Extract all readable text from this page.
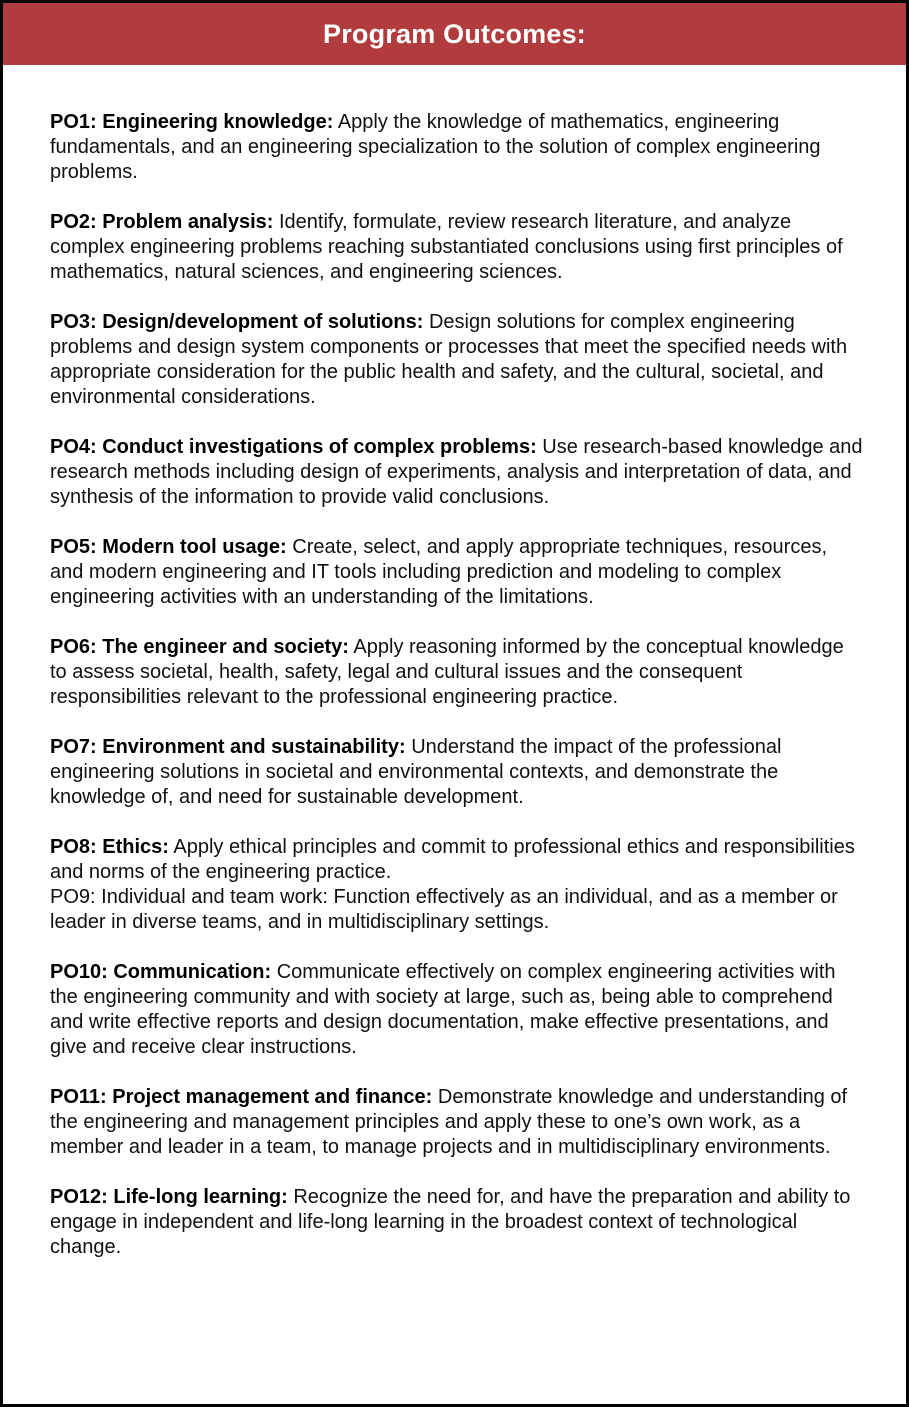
Program Outcomes:
PO1: Engineering knowledge: Apply the knowledge of mathematics, engineering fundamentals, and an engineering specialization to the solution of complex engineering problems.
PO2: Problem analysis: Identify, formulate, review research literature, and analyze complex engineering problems reaching substantiated conclusions using first principles of mathematics, natural sciences, and engineering sciences.
PO3: Design/development of solutions: Design solutions for complex engineering problems and design system components or processes that meet the specified needs with appropriate consideration for the public health and safety, and the cultural, societal, and environmental considerations.
PO4: Conduct investigations of complex problems: Use research-based knowledge and research methods including design of experiments, analysis and interpretation of data, and synthesis of the information to provide valid conclusions.
PO5: Modern tool usage: Create, select, and apply appropriate techniques, resources, and modern engineering and IT tools including prediction and modeling to complex engineering activities with an understanding of the limitations.
PO6: The engineer and society: Apply reasoning informed by the conceptual knowledge to assess societal, health, safety, legal and cultural issues and the consequent responsibilities relevant to the professional engineering practice.
PO7: Environment and sustainability: Understand the impact of the professional engineering solutions in societal and environmental contexts, and demonstrate the knowledge of, and need for sustainable development.
PO8: Ethics: Apply ethical principles and commit to professional ethics and responsibilities and norms of the engineering practice.
PO9: Individual and team work: Function effectively as an individual, and as a member or leader in diverse teams, and in multidisciplinary settings.
PO10: Communication: Communicate effectively on complex engineering activities with the engineering community and with society at large, such as, being able to comprehend and write effective reports and design documentation, make effective presentations, and give and receive clear instructions.
PO11: Project management and finance: Demonstrate knowledge and understanding of the engineering and management principles and apply these to one’s own work, as a member and leader in a team, to manage projects and in multidisciplinary environments.
PO12: Life-long learning: Recognize the need for, and have the preparation and ability to engage in independent and life-long learning in the broadest context of technological change.
